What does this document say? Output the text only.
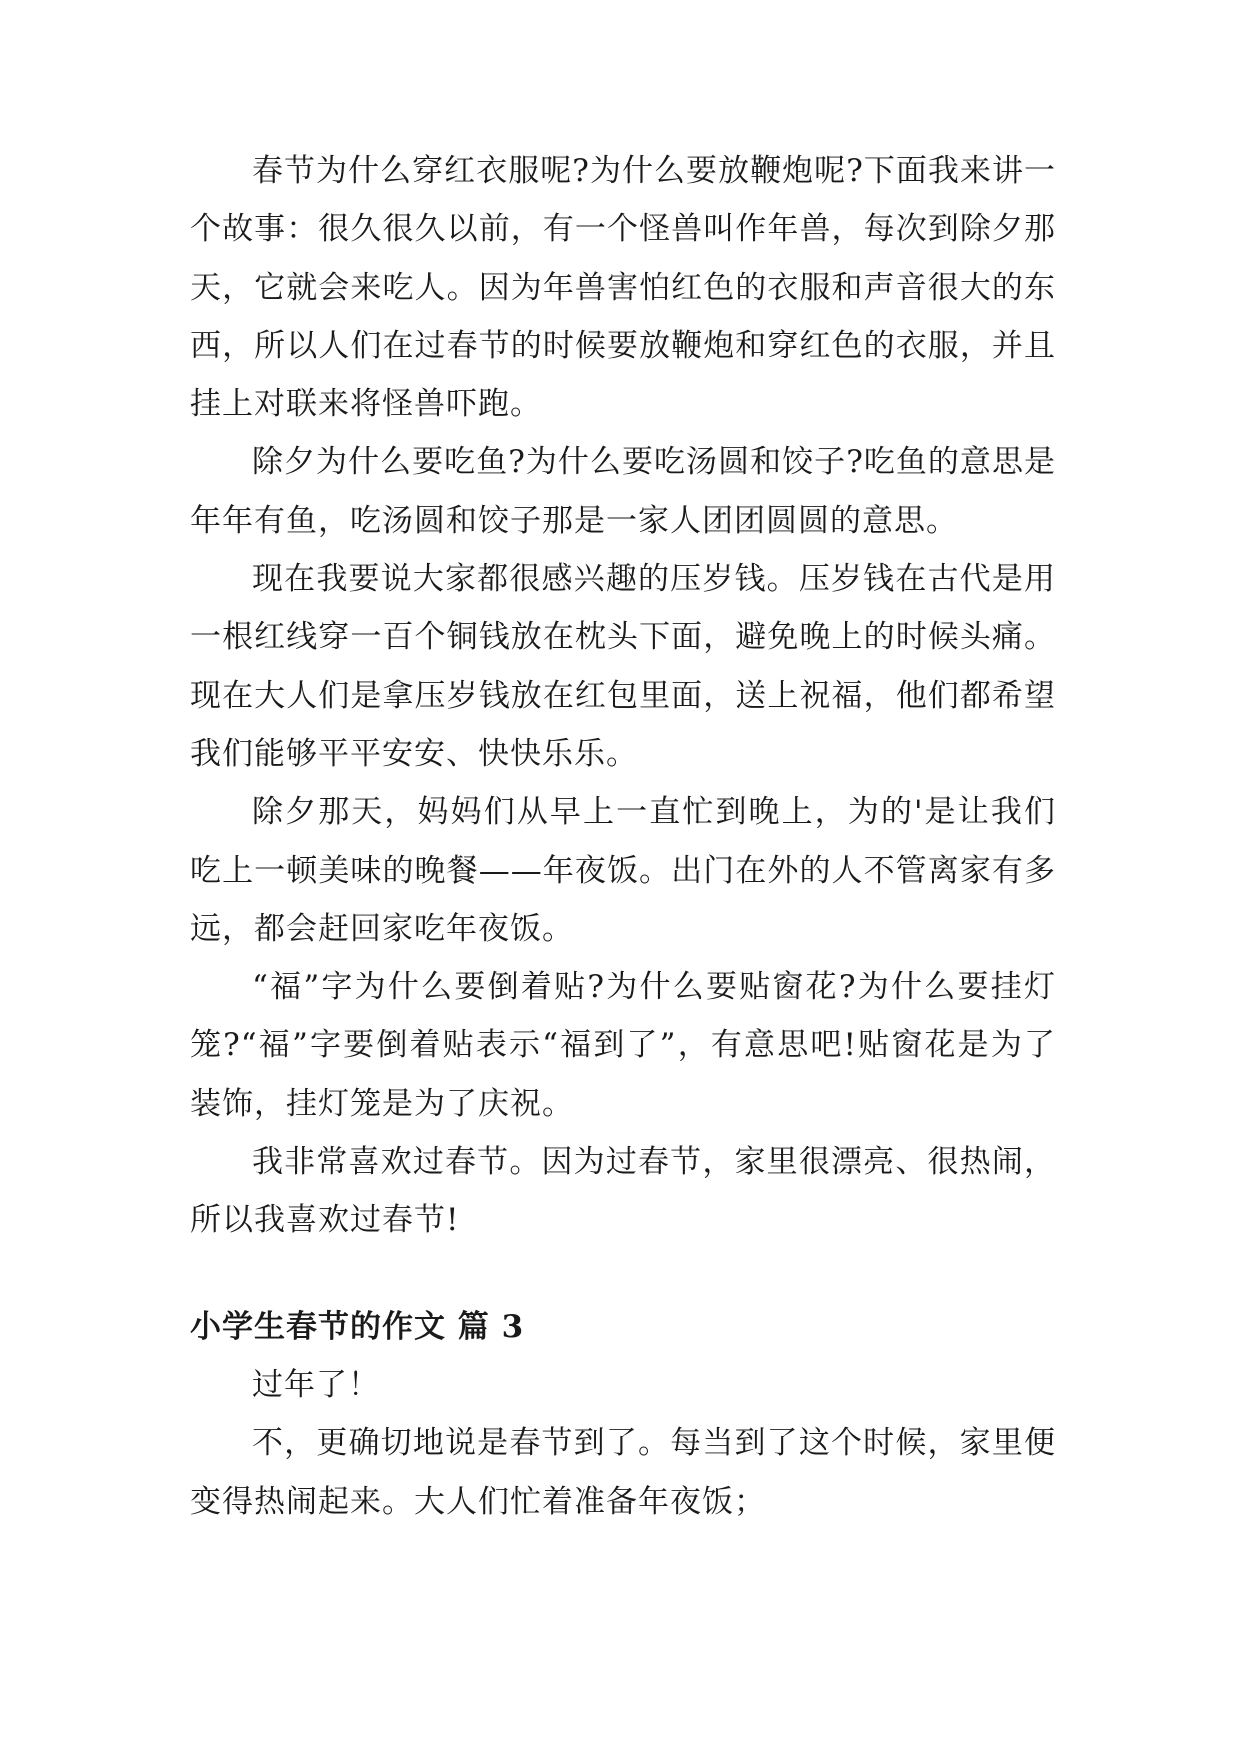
春节为什么穿红衣服呢?为什么要放鞭炮呢?下面我来讲一个故事：很久很久以前，有一个怪兽叫作年兽，每次到除夕那天，它就会来吃人。因为年兽害怕红色的衣服和声音很大的东西，所以人们在过春节的时候要放鞭炮和穿红色的衣服，并且挂上对联来将怪兽吓跑。

除夕为什么要吃鱼?为什么要吃汤圆和饺子?吃鱼的意思是年年有鱼，吃汤圆和饺子那是一家人团团圆圆的意思。

现在我要说大家都很感兴趣的压岁钱。压岁钱在古代是用一根红线穿一百个铜钱放在枕头下面，避免晚上的时候头痛。现在大人们是拿压岁钱放在红包里面，送上祝福，他们都希望我们能够平平安安、快快乐乐。

除夕那天，妈妈们从早上一直忙到晚上，为的'是让我们吃上一顿美味的晚餐——年夜饭。出门在外的人不管离家有多远，都会赶回家吃年夜饭。

“福”字为什么要倒着贴?为什么要贴窗花?为什么要挂灯笼?“福”字要倒着贴表示“福到了”，有意思吧!贴窗花是为了装饰，挂灯笼是为了庆祝。

我非常喜欢过春节。因为过春节，家里很漂亮、很热闹，所以我喜欢过春节!

小学生春节的作文 篇 3

过年了！

不，更确切地说是春节到了。每当到了这个时候，家里便变得热闹起来。大人们忙着准备年夜饭；
